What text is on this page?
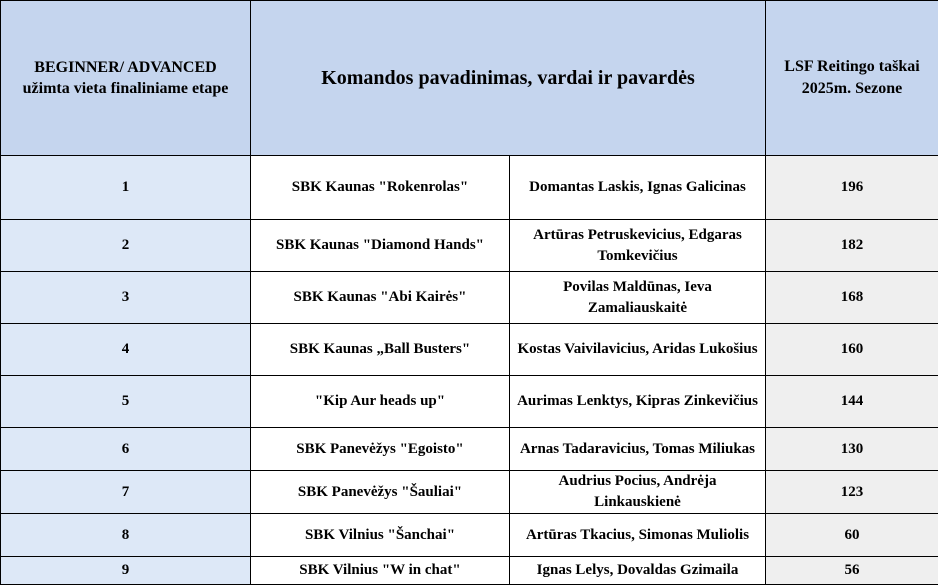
BEGINNER/ ADVANCED
užimta vieta finaliniame etape	Komandos pavadinimas, vardai ir pavardės		LSF Reitingo taškai
2025m. Sezone

1	SBK Kaunas "Rokenrolas"	Domantas Laskis, Ignas Galicinas	196
2	SBK Kaunas "Diamond Hands"	Artūras Petruskevicius, Edgaras Tomkevičius	182
3	SBK Kaunas "Abi Kairės"	Povilas Maldūnas, Ieva Zamaliauskaitė	168
4	SBK Kaunas „Ball Busters"	Kostas Vaivilavicius, Aridas Lukošius	160
5	"Kip Aur heads up"	Aurimas Lenktys, Kipras Zinkevičius	144
6	SBK Panevėžys "Egoisto"	Arnas Tadaravicius, Tomas Miliukas	130
7	SBK Panevėžys "Šauliai"	Audrius Pocius, Andrėja Linkauskienė	123
8	SBK Vilnius "Šanchai"	Artūras Tkacius, Simonas Muliolis	60
9	SBK Vilnius "W in chat"	Ignas Lelys, Dovaldas Gzimaila	56
